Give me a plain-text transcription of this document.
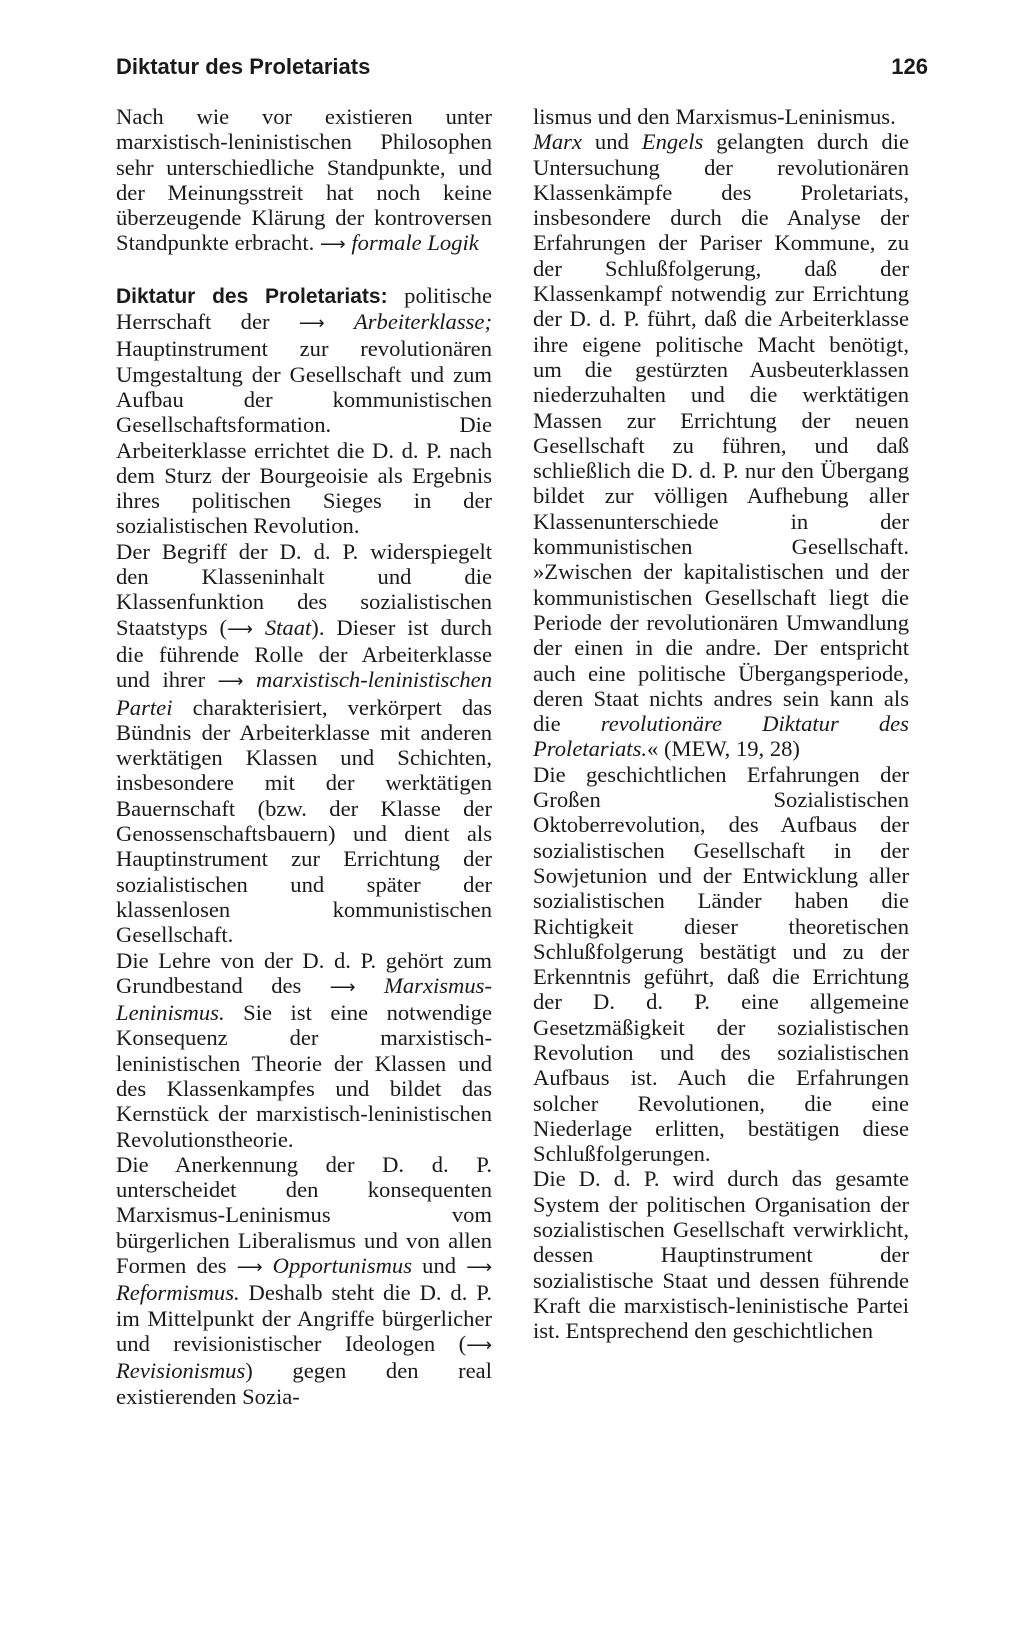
Diktatur des Proletariats	126

Nach wie vor existieren unter marxistisch-leninistischen Philosophen sehr unterschiedliche Standpunkte, und der Meinungsstreit hat noch keine überzeugende Klärung der kontroversen Standpunkte erbracht. ⟶ formale Logik

Diktatur des Proletariats: politische Herrschaft der ⟶ Arbeiterklasse; Hauptinstrument zur revolutionären Umgestaltung der Gesellschaft und zum Aufbau der kommunistischen Gesellschaftsformation. Die Arbeiterklasse errichtet die D. d. P. nach dem Sturz der Bourgeoisie als Ergebnis ihres politischen Sieges in der sozialistischen Revolution.

Der Begriff der D. d. P. widerspiegelt den Klasseninhalt und die Klassenfunktion des sozialistischen Staatstyps (⟶ Staat). Dieser ist durch die führende Rolle der Arbeiterklasse und ihrer ⟶ marxistisch-leninistischen Partei charakterisiert, verkörpert das Bündnis der Arbeiterklasse mit anderen werktätigen Klassen und Schichten, insbesondere mit der werktätigen Bauernschaft (bzw. der Klasse der Genossenschaftsbauern) und dient als Hauptinstrument zur Errichtung der sozialistischen und später der klassenlosen kommunistischen Gesellschaft.

Die Lehre von der D. d. P. gehört zum Grundbestand des ⟶ Marxismus-Leninismus. Sie ist eine notwendige Konsequenz der marxistisch-leninistischen Theorie der Klassen und des Klassenkampfes und bildet das Kernstück der marxistisch-leninistischen Revolutionstheorie.

Die Anerkennung der D. d. P. unterscheidet den konsequenten Marxismus-Leninismus vom bürgerlichen Liberalismus und von allen Formen des ⟶ Opportunismus und ⟶ Reformismus. Deshalb steht die D. d. P. im Mittelpunkt der Angriffe bürgerlicher und revisionistischer Ideologen (⟶ Revisionismus) gegen den real existierenden Sozia-

lismus und den Marxismus-Leninismus.

Marx und Engels gelangten durch die Untersuchung der revolutionären Klassenkämpfe des Proletariats, insbesondere durch die Analyse der Erfahrungen der Pariser Kommune, zu der Schlußfolgerung, daß der Klassenkampf notwendig zur Errichtung der D. d. P. führt, daß die Arbeiterklasse ihre eigene politische Macht benötigt, um die gestürzten Ausbeuterklassen niederzuhalten und die werktätigen Massen zur Errichtung der neuen Gesellschaft zu führen, und daß schließlich die D. d. P. nur den Übergang bildet zur völligen Aufhebung aller Klassenunterschiede in der kommunistischen Gesellschaft. »Zwischen der kapitalistischen und der kommunistischen Gesellschaft liegt die Periode der revolutionären Umwandlung der einen in die andre. Der entspricht auch eine politische Übergangsperiode, deren Staat nichts andres sein kann als die revolutionäre Diktatur des Proletariats.« (MEW, 19, 28)

Die geschichtlichen Erfahrungen der Großen Sozialistischen Oktoberrevolution, des Aufbaus der sozialistischen Gesellschaft in der Sowjetunion und der Entwicklung aller sozialistischen Länder haben die Richtigkeit dieser theoretischen Schlußfolgerung bestätigt und zu der Erkenntnis geführt, daß die Errichtung der D. d. P. eine allgemeine Gesetzmäßigkeit der sozialistischen Revolution und des sozialistischen Aufbaus ist. Auch die Erfahrungen solcher Revolutionen, die eine Niederlage erlitten, bestätigen diese Schlußfolgerungen.

Die D. d. P. wird durch das gesamte System der politischen Organisation der sozialistischen Gesellschaft verwirklicht, dessen Hauptinstrument der sozialistische Staat und dessen führende Kraft die marxistisch-leninistische Partei ist. Entsprechend den geschichtlichen
